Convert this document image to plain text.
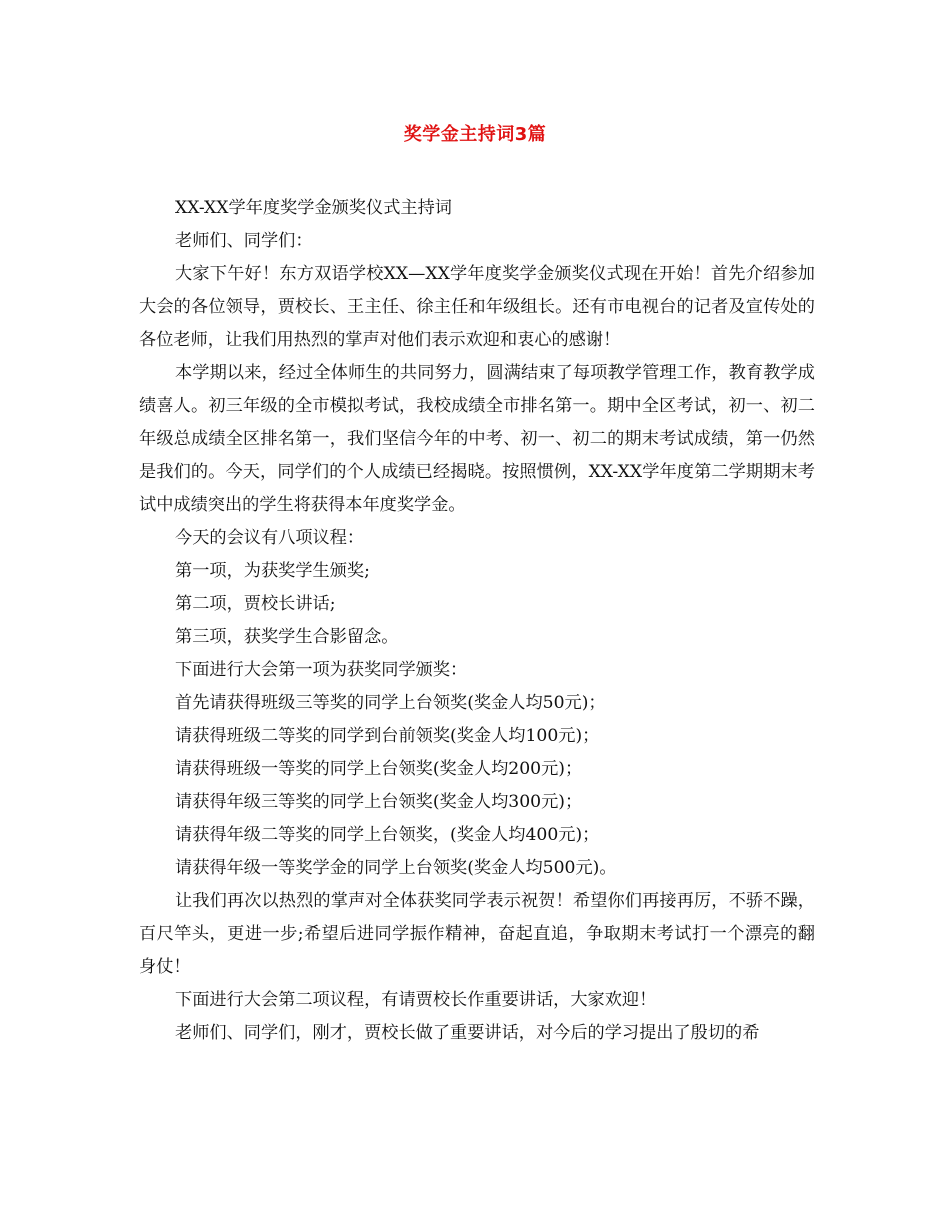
奖学金主持词3篇

XX-XX学年度奖学金颁奖仪式主持词

老师们、同学们：

大家下午好！东方双语学校XX—XX学年度奖学金颁奖仪式现在开始！首先介绍参加大会的各位领导，贾校长、王主任、徐主任和年级组长。还有市电视台的记者及宣传处的各位老师，让我们用热烈的掌声对他们表示欢迎和衷心的感谢！

本学期以来，经过全体师生的共同努力，圆满结束了每项教学管理工作，教育教学成绩喜人。初三年级的全市模拟考试，我校成绩全市排名第一。期中全区考试，初一、初二年级总成绩全区排名第一，我们坚信今年的中考、初一、初二的期末考试成绩，第一仍然是我们的。今天，同学们的个人成绩已经揭晓。按照惯例，XX-XX学年度第二学期期末考试中成绩突出的学生将获得本年度奖学金。

今天的会议有八项议程：

第一项，为获奖学生颁奖;

第二项，贾校长讲话;

第三项，获奖学生合影留念。

下面进行大会第一项为获奖同学颁奖：

首先请获得班级三等奖的同学上台领奖(奖金人均50元)；

请获得班级二等奖的同学到台前领奖(奖金人均100元)；

请获得班级一等奖的同学上台领奖(奖金人均200元)；

请获得年级三等奖的同学上台领奖(奖金人均300元)；

请获得年级二等奖的同学上台领奖，(奖金人均400元)；

请获得年级一等奖学金的同学上台领奖(奖金人均500元)。

让我们再次以热烈的掌声对全体获奖同学表示祝贺！希望你们再接再厉，不骄不躁，百尺竿头，更进一步;希望后进同学振作精神，奋起直追，争取期末考试打一个漂亮的翻身仗！

下面进行大会第二项议程，有请贾校长作重要讲话，大家欢迎！

老师们、同学们，刚才，贾校长做了重要讲话，对今后的学习提出了殷切的希
